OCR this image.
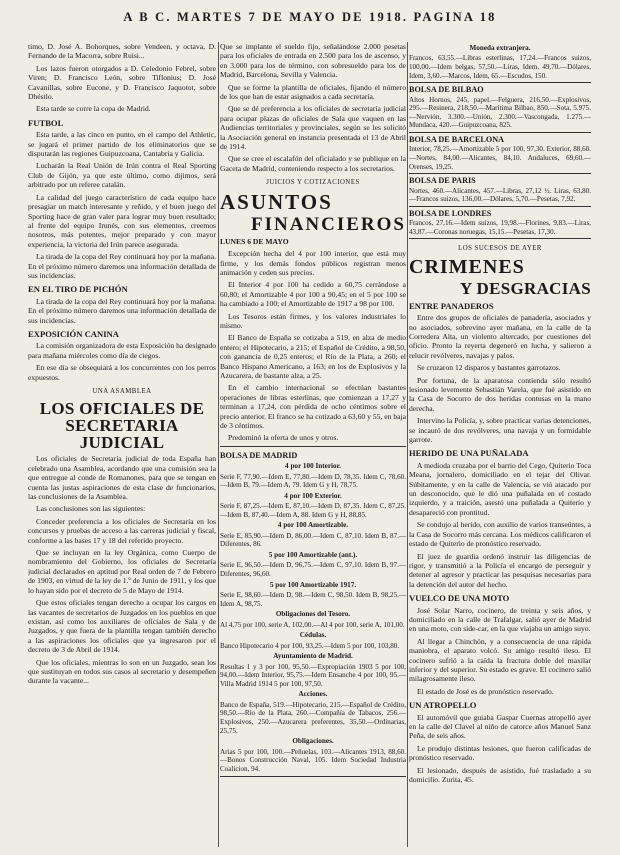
A B C. MARTES 7 DE MAYO DE 1918. PAGINA 18

timo, D. José A. Bohorques, sobre Vendeen, y octava, D. Fernando de la Macorra, sobre Ruisi...

Los lazos fueron otorgados a D. Celedonio Febrel, sobre Viren; D. Francisco León, sobre Tiflonius; D. José Cavanillas, sobre Eucone, y D. Francisco Jaquotot, sobre Dhéstlo.

Esta tarde se corre la copa de Madrid.

FUTBOL

Esta tarde, a las cinco en punto, en el campo del Athletic, se jugará el primer partido de los eliminatorios que se disputarán las regiones Guipuzcoana, Cantabria y Galicia.

Lucharán la Real Unión de Irún contra el Real Sporting Club de Gijón, ya que este último, como dijimos, será arbitrado por un referee catalán.

La calidad del juego característico de cada equipo hace presagiar un match interesante y reñido, y el buen juego del Sporting hace de gran valer para lograr muy buen resultado; al frente del equipo Irunés, con sus elementos, creemos nosotros, más potentes, mejor preparado y con mayor experiencia, la victoria del Irún parece asegurada.

La tirada de la copa del Rey continuará hoy por la mañana. En el próximo número daremos una información detallada de sus incidencias.

EN EL TIRO DE PICHÓN

La tirada de la copa del Rey continuará hoy por la mañana. En el próximo número daremos una información detallada de sus incidencias.

EXPOSICIÓN CANINA

La comisión organizadora de esta Exposición ha designado para mañana miércoles como día de ciegos.

En ese día se obsequiará a los concurrentes con los perros expuestos.

UNA ASAMBLEA
LOS OFICIALES DE SECRETARIA JUDICIAL

Los oficiales de Secretaría judicial de toda España han celebrado una Asamblea, acordando que una comisión sea la que entregue al conde de Romanones, para que se tengan en cuenta las justas aspiraciones de esta clase de funcionarios, las conclusiones de la Asamblea.

Las conclusiones son las siguientes:

Conceder preferencia a los oficiales de Secretaría en los concursos y pruebas de acceso a las carreras judicial y fiscal, conforme a las bases 17 y 18 del referido proyecto.

Que se incluyan en la ley Orgánica, como Cuerpo de nombramiento del Gobierno, los oficiales de Secretaría judicial declarados en aptitud por Real orden de 7 de Febrero de 1903, en virtud de la ley de 1.º de Junio de 1911, y los que lo hayan sido por el decreto de 5 de Mayo de 1914.

Que estos oficiales tengan derecho a ocupar los cargos en las vacantes de secretarios de Juzgados en los pueblos en que existan, así como los auxiliares de oficiales de Sala y de Juzgados, y que fuera de la plantilla tengan también derecho a las aspiraciones los oficiales que ya ingresaron por el decreto de 3 de Abril de 1914.

Que los oficiales, mientras lo son en un Juzgado, sean los que sustituyan en todos sus casos al secretario y desempeñen durante la vacante...

Que se implante el sueldo fijo, señalándose 2.000 pesetas para los oficiales de entrada en 2.500 para los de ascenso, y en 3.000 para los de término, con sobresueldo para los de Madrid, Barcelona, Sevilla y Valencia.

Que se forme la plantilla de oficiales, fijando el número de los que han de estar asignados a cada secretaría.

Que se dé preferencia a los oficiales de secretaría judicial para ocupar plazas de oficiales de Sala que vaquen en las Audiencias territoriales y provinciales, según se les solicitó la Asociación general en instancia presentada el 13 de Abril de 1914.

Que se cree el escalafón del oficialado y se publique en la Gaceta de Madrid, conteniendo respecto a los secretarios.

JUICIOS Y COTIZACIONES
ASUNTOS
FINANCIEROS
LUNES 6 DE MAYO

Excepción hecha del 4 por 100 interior, que está muy firme, y los demás fondos públicos registran menos animación y ceden sus precios.

El Interior 4 por 100 ha cedido a 60,75 cerrándose a 60,80; el Amortizable 4 por 100 a 90,45; en el 5 por 100 se ha cambiado a 100; el Amortizable de 1917 a 98 por 100.

Los Tesoros están firmes, y los valores industriales lo mismo.

El Banco de España se cotizaba a 519, en alza de medio entero; el Hipotecario, a 215; el Español de Crédito, a 98,50, con ganancia de 0,25 enteros; el Río de la Plata, a 260; el Banco Hispano Americano, a 163; en los de Explosivos y la Azucarera, de bastante alza, a 25.

En el cambio internacional se efectúan bastantes operaciones de libras esterlinas, que comienzan a 17,27 y terminan a 17,24, con pérdida de ocho céntimos sobre el precio anterior. El franco se ha cotizado a 63,60 y 55, en baja de 3 céntimos.

Predominó la oferta de unos y otros.

BOLSA DE MADRID
4 por 100 Interior.
Serie F, 77,90.—Idem E, 77,80.—Idem D, 78,35. Idem C, 78,60.—Idem B, 79.—Idem A, 79. Idem G y H, 78,75.
4 por 100 Exterior.
Serie F, 87,25.—Idem E, 87,10.—Idem D, 87,35. Idem C, 87,25.—Idem B, 87,40.—Idem A, 88. Idem G y H, 88,85.
4 por 100 Amortizable.
Serie E, 85,90.—Idem D, 86,00.—Idem C, 87,10. Idem B, 87.—Diferentes, 86.
5 por 100 Amortizable (ant.).
Serie E, 96,50.—Idem D, 96,75.—Idem C, 97,10. Idem B, 97.—Diferentes, 96,60.
5 por 100 Amortizable 1917.
Serie E, 98,60.—Idem D, 98.—Idem C, 98,50. Idem B, 98,25.—Idem A, 98,75.
Obligaciones del Tesoro.
Al 4,75 por 100, serie A, 102,00.—Al 4 por 100, serie A, 101,00.
Cédulas.
Banco Hipotecario 4 por 100, 93,25.—Idem 5 por 100, 103,80.
Ayuntamiento de Madrid.
Resultas 1 y 3 por 100, 95,50.—Expropiación 1903 5 por 100, 94,00.—Idem Interior, 95,75.—Idem Ensanche 4 por 100, 95.—Villa Madrid 1914 5 por 100, 97,50.
Acciones.
Banco de España, 519.—Hipotecario, 215.—Español de Crédito, 98,50.—Río de la Plata, 260.—Compañía de Tabacos, 256.—Explosivos, 250.—Azucarera preferentes, 35,50.—Ordinarias, 25,75.
Obligaciones.
Arias 5 por 100, 100.—Peñuelas, 103.—Alicantes 1913, 88,60.—Bonos Construcción Naval, 105. Idem Sociedad Industria Coalicion, 94.
Moneda extranjera.
Francos, 63,55.—Libras esterlinas, 17,24.—Francos suizos, 100,00.—Idem belgas, 57,50.—Liras, Idem, 49,70.—Dólares, Idem, 3,60.—Marcos, Idem, 65.—Escudos, 150.
BOLSA DE BILBAO
Altos Hornos, 245, papel.—Felguera, 216,50.—Explosivos, 295.—Resinera, 218,50.—Marítima Bilbao, 850.—Sota, 5.975.—Nervión, 3.300.—Unión, 2.300.—Vascongada, 1.275.—Mundaca, 420.—Guipuzcoana, 825.
BOLSA DE BARCELONA
Interior, 78,25.—Amortizable 5 por 100, 97,30. Exterior, 88,60.—Nortes, 84,00.—Alicantes, 84,10. Andaluces, 69,60.—Orenses, 19,25.
BOLSA DE PARIS
Nortes, 460.—Alicantes, 457.—Libras, 27,12 ½. Liras, 63,80.—Francos suizos, 136,00.—Dólares, 5,70.—Pesetas, 7,92.
BOLSA DE LONDRES
Francos, 27,16.—Idem suizos, 19,98.—Florines, 9,83.—Liras, 43,87.—Coronas noruegas, 15,15.—Pesetas, 17,30.
LOS SUCESOS DE AYER
CRIMENES
Y DESGRACIAS
ENTRE PANADEROS

Entre dos grupos de oficiales de panadería, asociados y no asociados, sobrevino ayer mañana, en la calle de la Corredera Alta, un violento altercado, por cuestiones del oficio. Pronto la reyerta degeneró en lucha, y salieron a relucir revólveres, navajas y palos.

Se cruzaron 12 disparos y bastantes garrotazos.

Por fortuna, de la aparatosa contienda sólo resultó lesionado levemente Sebastián Varela, que fué asistido en la Casa de Socorro de dos heridas contusas en la mano derecha.

Intervino la Policía, y, sobre practicar varias detenciones, se incautó de dos revólveres, una navaja y un formidable garrote.

HERIDO DE UNA PUÑALADA

A medioda cruzaba por el barrio del Cego, Quiterio Toca Meana, jornalero, domiciliado en el tejar del Olivar. Súbitamente, y en la calle de Valencia, se vió atacado por un desconocido, que le dió una puñalada en el costado izquierdo, y a traición, asestó una puñalada a Quiterio y desapareció con prontitud.

Se condujo al herido, con auxilio de varios transeúntes, a la Casa de Socorro más cercana. Los médicos calificaron el estado de Quiterio de pronóstico reservado.

El juez de guardia ordenó instruir las diligencias de rigor, y transmitió a la Policía el encargo de perseguir y detener al agresor y practicar las pesquisas necesarias para la detención del autor del hecho.

VUELCO DE UNA MOTO

José Solar Narro, cocinero, de treinta y seis años, y domiciliado en la calle de Trafalgar, salió ayer de Madrid en una moto, con side-car, en la que viajaba un amigo suyo.

Al llegar a Chinchón, y a consecuencia de una rápida maniobra, el aparato volcó. Su amigo resultó ileso. El cocinero sufrió a la caída la fractura doble del maxilar inferior y del superior. Su estado es grave. El cocinero salió milagrosamente ileso.

El estado de José es de pronóstico reservado.

UN ATROPELLO

El automóvil que guiaba Gaspar Cuernas atropelló ayer en la calle del Clavel al niño de catorce años Manuel Sanz Peña, de seis años.

Le produjo distintas lesiones, que fueron calificadas de pronóstico reservado.

El lesionado, después de asistido, fué trasladado a su domicilio. Zurita, 45.
